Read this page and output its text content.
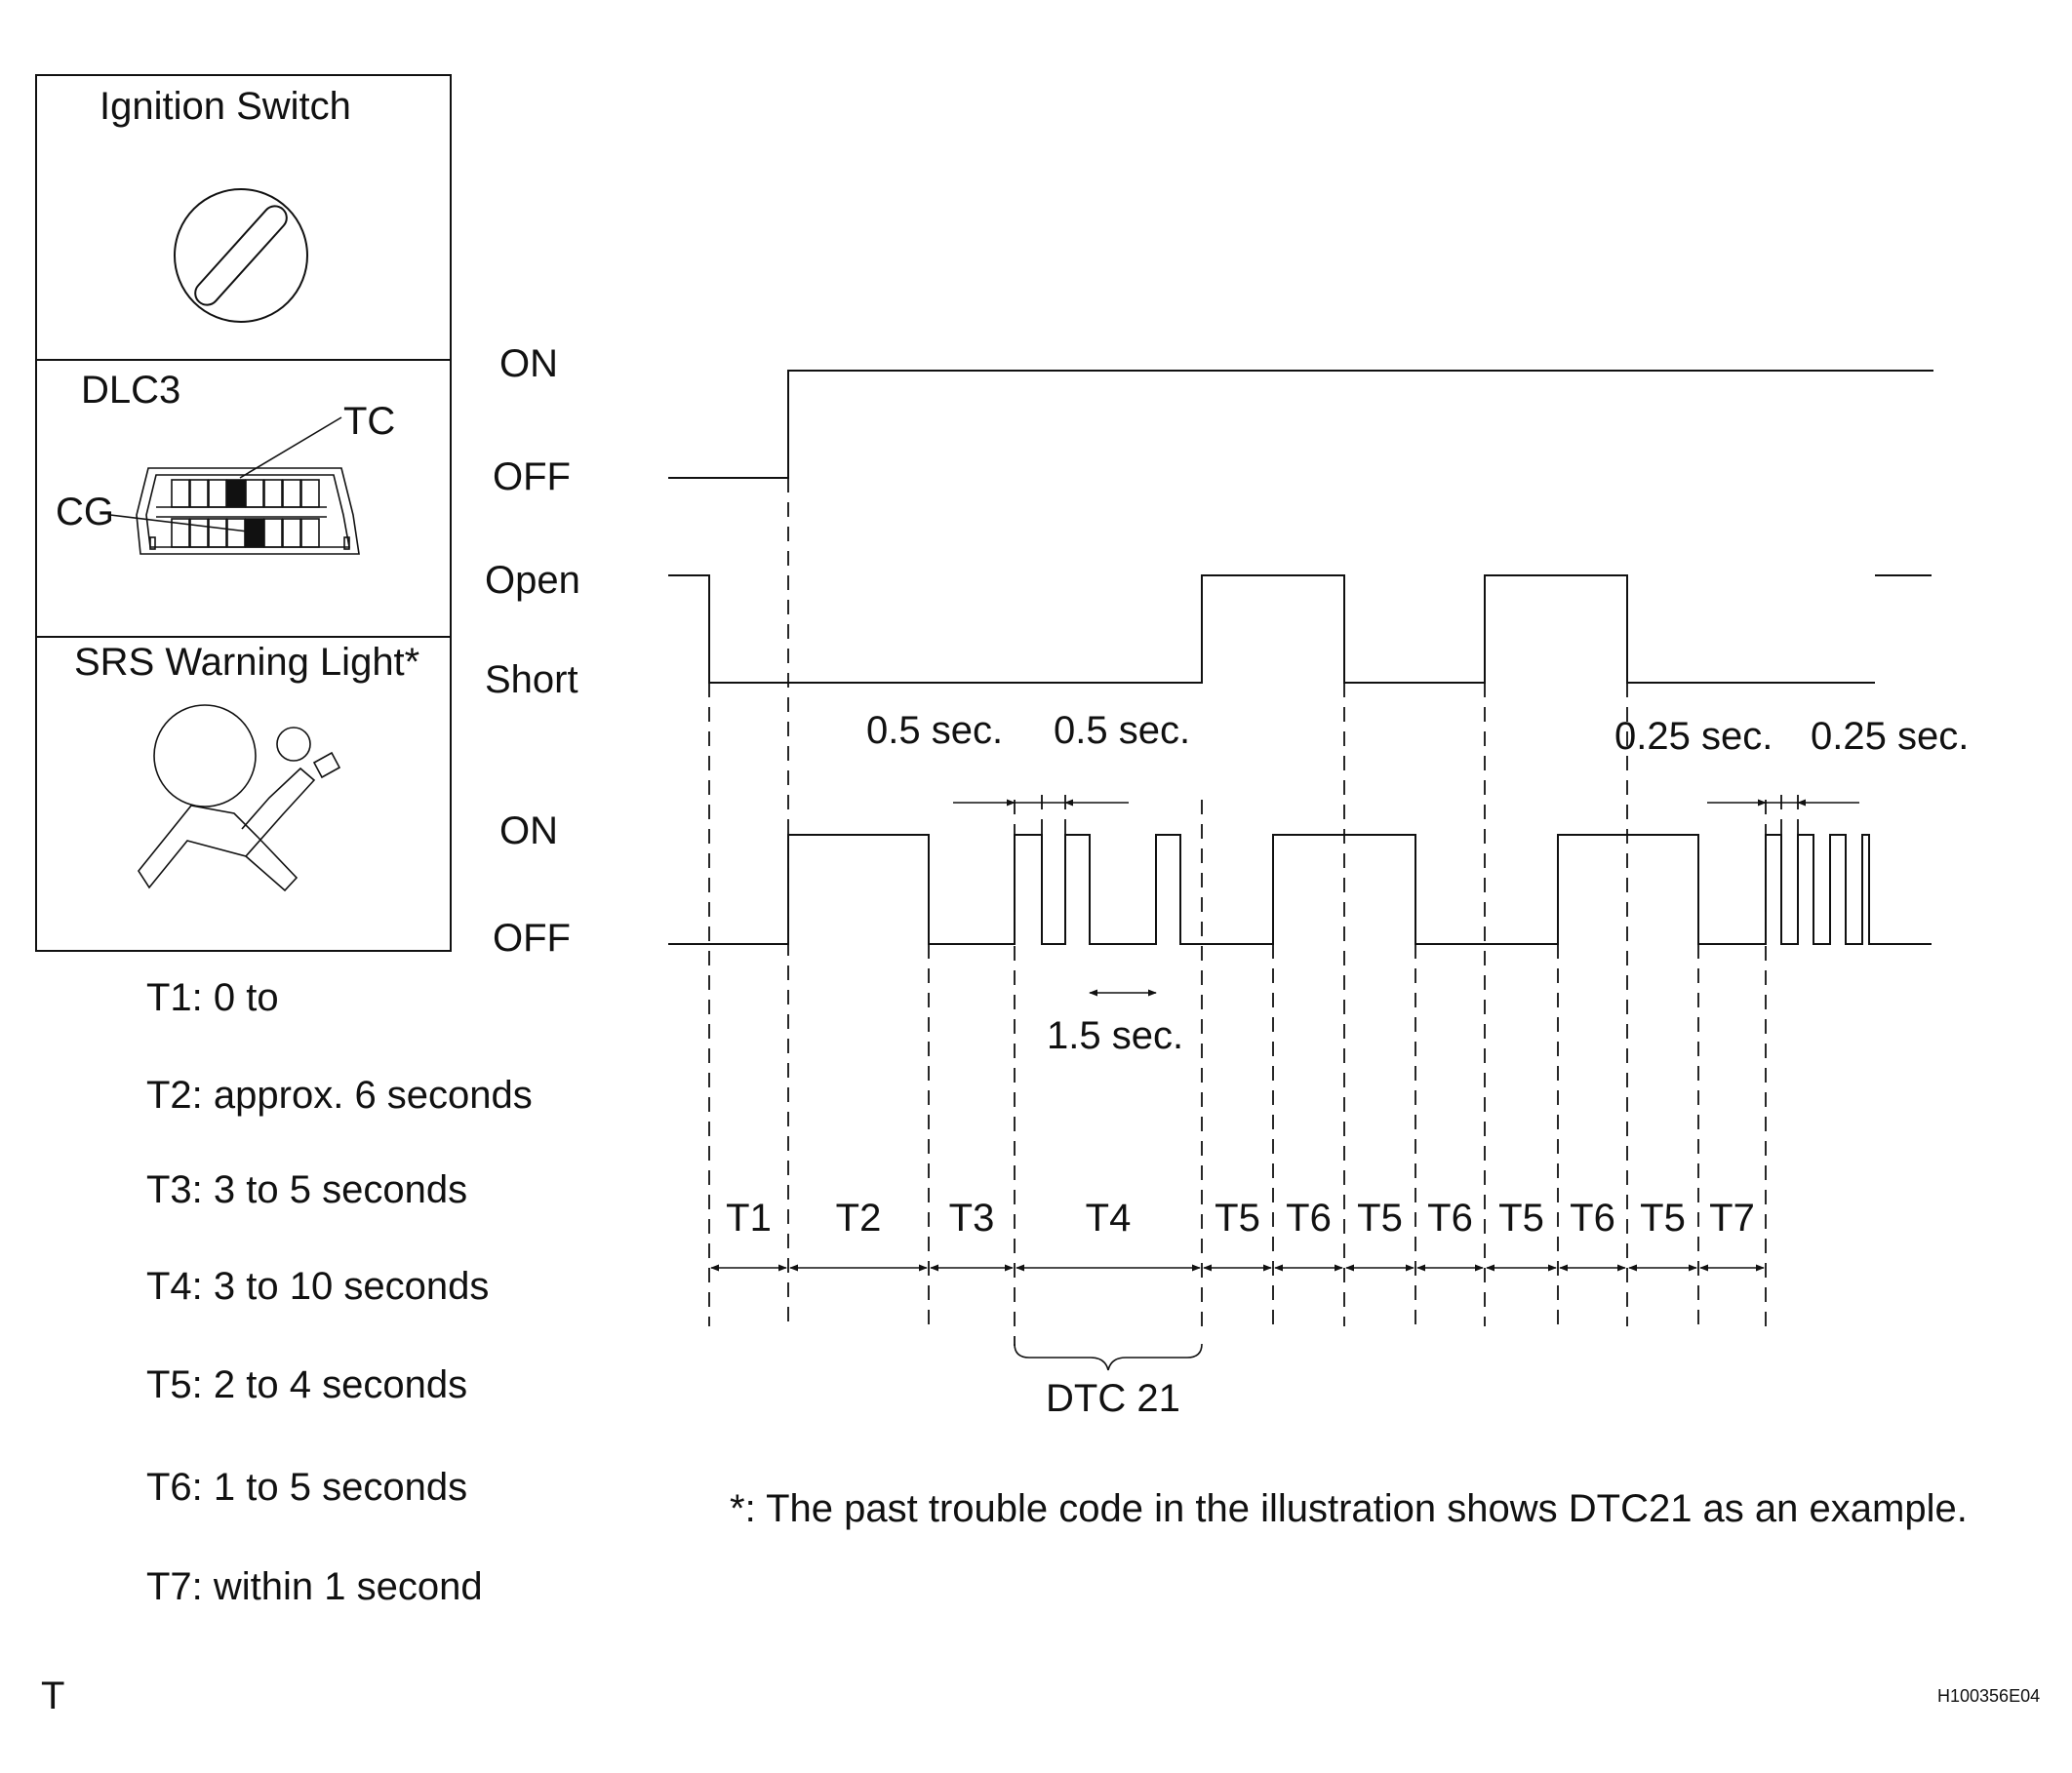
Ignition Switch
DLC3
TC
CG
SRS Warning Light*
ON
OFF
Open
Short
ON
OFF
0.5 sec. 0.5 sec.
1.5 sec.
0.25 sec. 0.25 sec.
T1 T2 T3 T4 T5 T6 T5 T6 T5 T6 T5 T7
DTC 21
T1: 0 to
T2: approx. 6 seconds
T3: 3 to 5 seconds
T4: 3 to 10 seconds
T5: 2 to 4 seconds
T6: 1 to 5 seconds
T7: within 1 second
*: The past trouble code in the illustration shows DTC21 as an example.
T	H100356E04
